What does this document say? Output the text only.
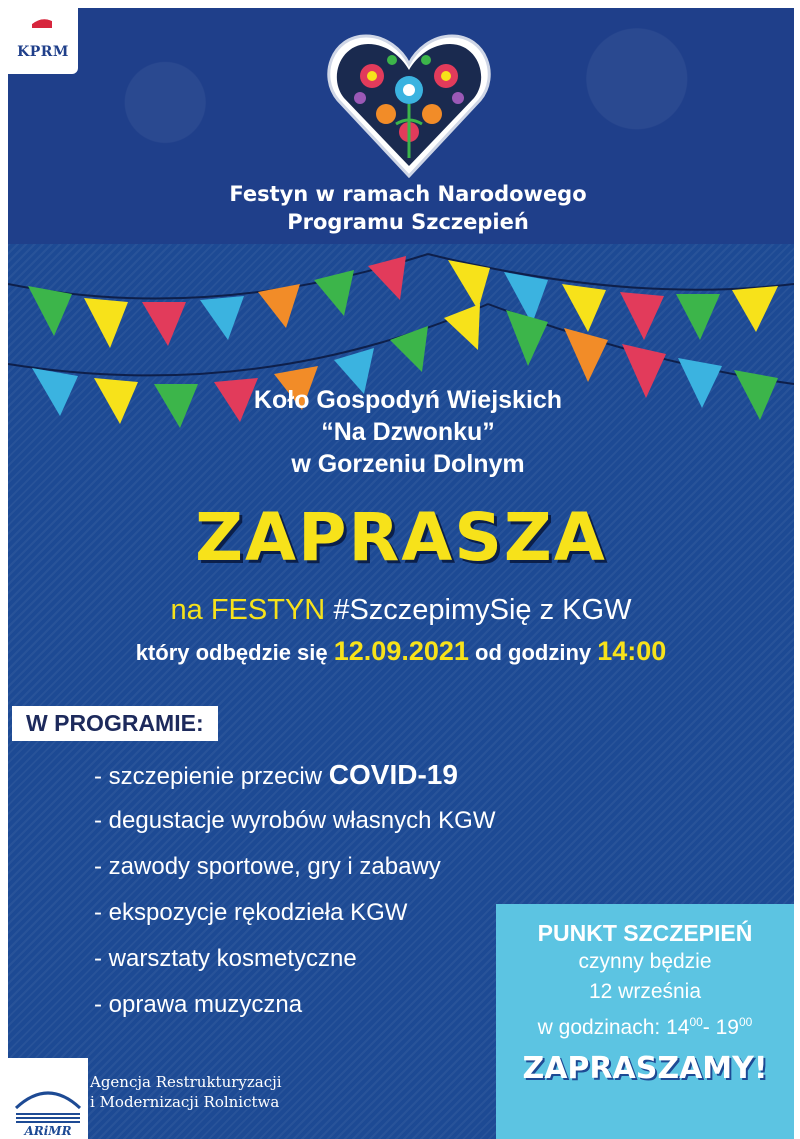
KPRM
Festyn w ramach Narodowego
Programu Szczepień
Koło Gospodyń Wiejskich
“Na Dzwonku”
w Gorzeniu Dolnym
ZAPRASZA
na FESTYN #SzczepimySię z KGW
który odbędzie się 12.09.2021 od godziny 14:00
W PROGRAMIE:
- szczepienie przeciw COVID-19
- degustacje wyrobów własnych KGW
- zawody sportowe, gry i zabawy
- ekspozycje rękodzieła KGW
- warsztaty kosmetyczne
- oprawa muzyczna
PUNKT SZCZEPIEŃ
czynny będzie
12 września
w godzinach: $14^{00}-$ $19^{00}$
ZAPRASZAMY!
ARiMR
Agencja Restrukturyzacji
i Modernizacji Rolnictwa
